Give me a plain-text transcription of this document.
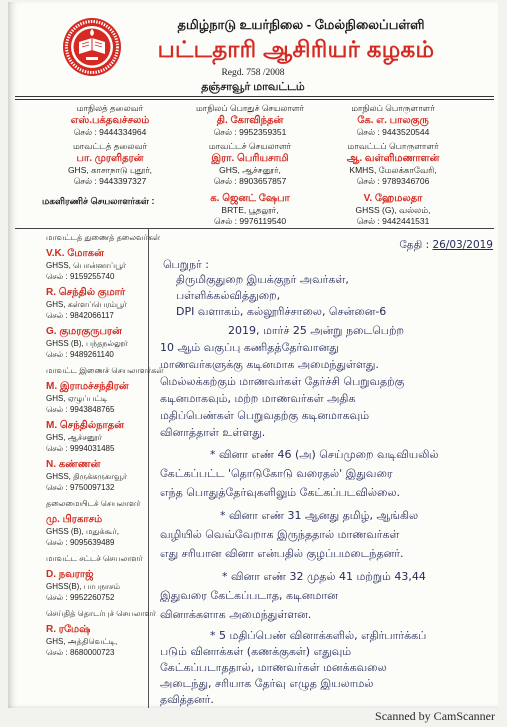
தமிழ்நாடு உயர்நிலை - மேல்நிலைப்பள்ளி
பட்டதாரி ஆசிரியர் கழகம்
Regd. 758 /2008
தஞ்சாவூர் மாவட்டம்
மாநிலத் தலைவர்
எஸ்.பக்தவச்சலம்
செல் : 9444334964
மாநிலப் பொதுச் செயலாளர்
தி. கோவிந்தன்
செல் : 9952359351
மாநிலப் பொருளாளர்
கே. எ. பாலகுரு
செல் : 9443520544
மாவட்டத் தலைவர்
பா. முரளிதரன்
GHS, காசாநாடு புதூர்,
செல் : 9443397327
மாவட்டச் செயலாளர்
இரா. பெரியசாமி
GHS, ஆச்சனூர்,
செல் : 8903657857
மாவட்டப் பொருளாளர்
ஆ. வள்ளிமணாளன்
KMHS, மேலக்காவேரி,
செல் : 9789346706
மகளிரணிச் செயலாளர்கள் :	க. ஜெனட் ஷேபா
BRTE, பூதலூர்,
செல் : 9976119540
V. ஹேமலதா
GHSS (G), வல்லம்,
செல் : 9442441531
மாவட்டத் துணைத் தலைவர்கள்
V.K. மோகன்
GHSS, பொன்னாப்பூர்
செல் : 9159255740
R. செந்தில் குமார்
GHS, கள்ளப்பெரம்பூர்
செல் : 9842066117
G. குமரகுருபரன்
GHSS (B), பந்தநல்லூர்
செல் : 9489261140
மாவட்ட இணைச் செயலாளர்கள்
M. இராமச்சந்திரன்
GHS, ஏழுப்பட்டி
செல் : 9943848765
M. செந்தில்நாதன்
GHS, ஆச்சனூர்
செல் : 9994031485
N. கண்ணன்
GHSS, திருக்கருகாவூர்
செல் : 9750097132
தலைமையிடச் செயலாளர்
மு. பிரகாசம்
GHSS (B), மதுக்கூர்,
செல் : 9095639489
மாவட்ட சட்டச் செயலாளர்
D. நவராஜ்
GHSS(B), பாபநாசம்
செல் : 9952260752
செய்தித் தொடர்புச் செயலாளர்
R. ரமேஷ்
GHS, அத்திவெட்டி,
செல் : 8680000723
தேதி : 26/03/2019
பெறுநர் :
திருமிகுதுறை இயக்குநர் அவர்கள்,
பள்ளிக்கல்வித்துறை,
DPI வளாகம், கல்லூரிச்சாலை, சென்னை-6
2019, மார்ச் 25 அன்று நடைபெற்ற
10 ஆம் வகுப்பு கணிதத்தேர்வானது
மாணவர்களுக்கு கடினமாக அமைந்துள்ளது.
மெல்லக்கற்கும் மாணவர்கள் தேர்ச்சி பெறுவதற்கு
கடினமாகவும், மற்ற மாணவர்கள் அதிக
மதிப்பெண்கள் பெறுவதற்கு கடினமாகவும்
வினாத்தாள் உள்ளது.
* வினா எண் 46 (அ) செய்முறை வடிவியலில்
கேட்கப்பட்ட 'தொடுகோடு வரைதல்' இதுவரை
எந்த பொதுத்தேர்வுகளிலும் கேட்கப்படவில்லை.
* வினா எண் 31 ஆனது தமிழ், ஆங்கில
வழியில் வெவ்வேறாக இருந்ததால் மாணவர்கள்
எது சரியான வினா என்பதில் குழப்பமடைந்தனர்.
* வினா எண் 32 முதல் 41 மற்றும் 43,44
இதுவரை கேட்கப்படாத, கடினமான
வினாக்களாக அமைந்துள்ளன.
* 5 மதிப்பெண் வினாக்களில், எதிர்பார்க்கப்
படும் வினாக்கள் (கணக்குகள்) எதுவும்
கேட்கப்படாததால், மாணவர்கள் மனக்கவலை
அடைந்து, சரியாக தேர்வு எழுத இயலாமல்
தவித்தனர்.
Scanned by CamScanner
